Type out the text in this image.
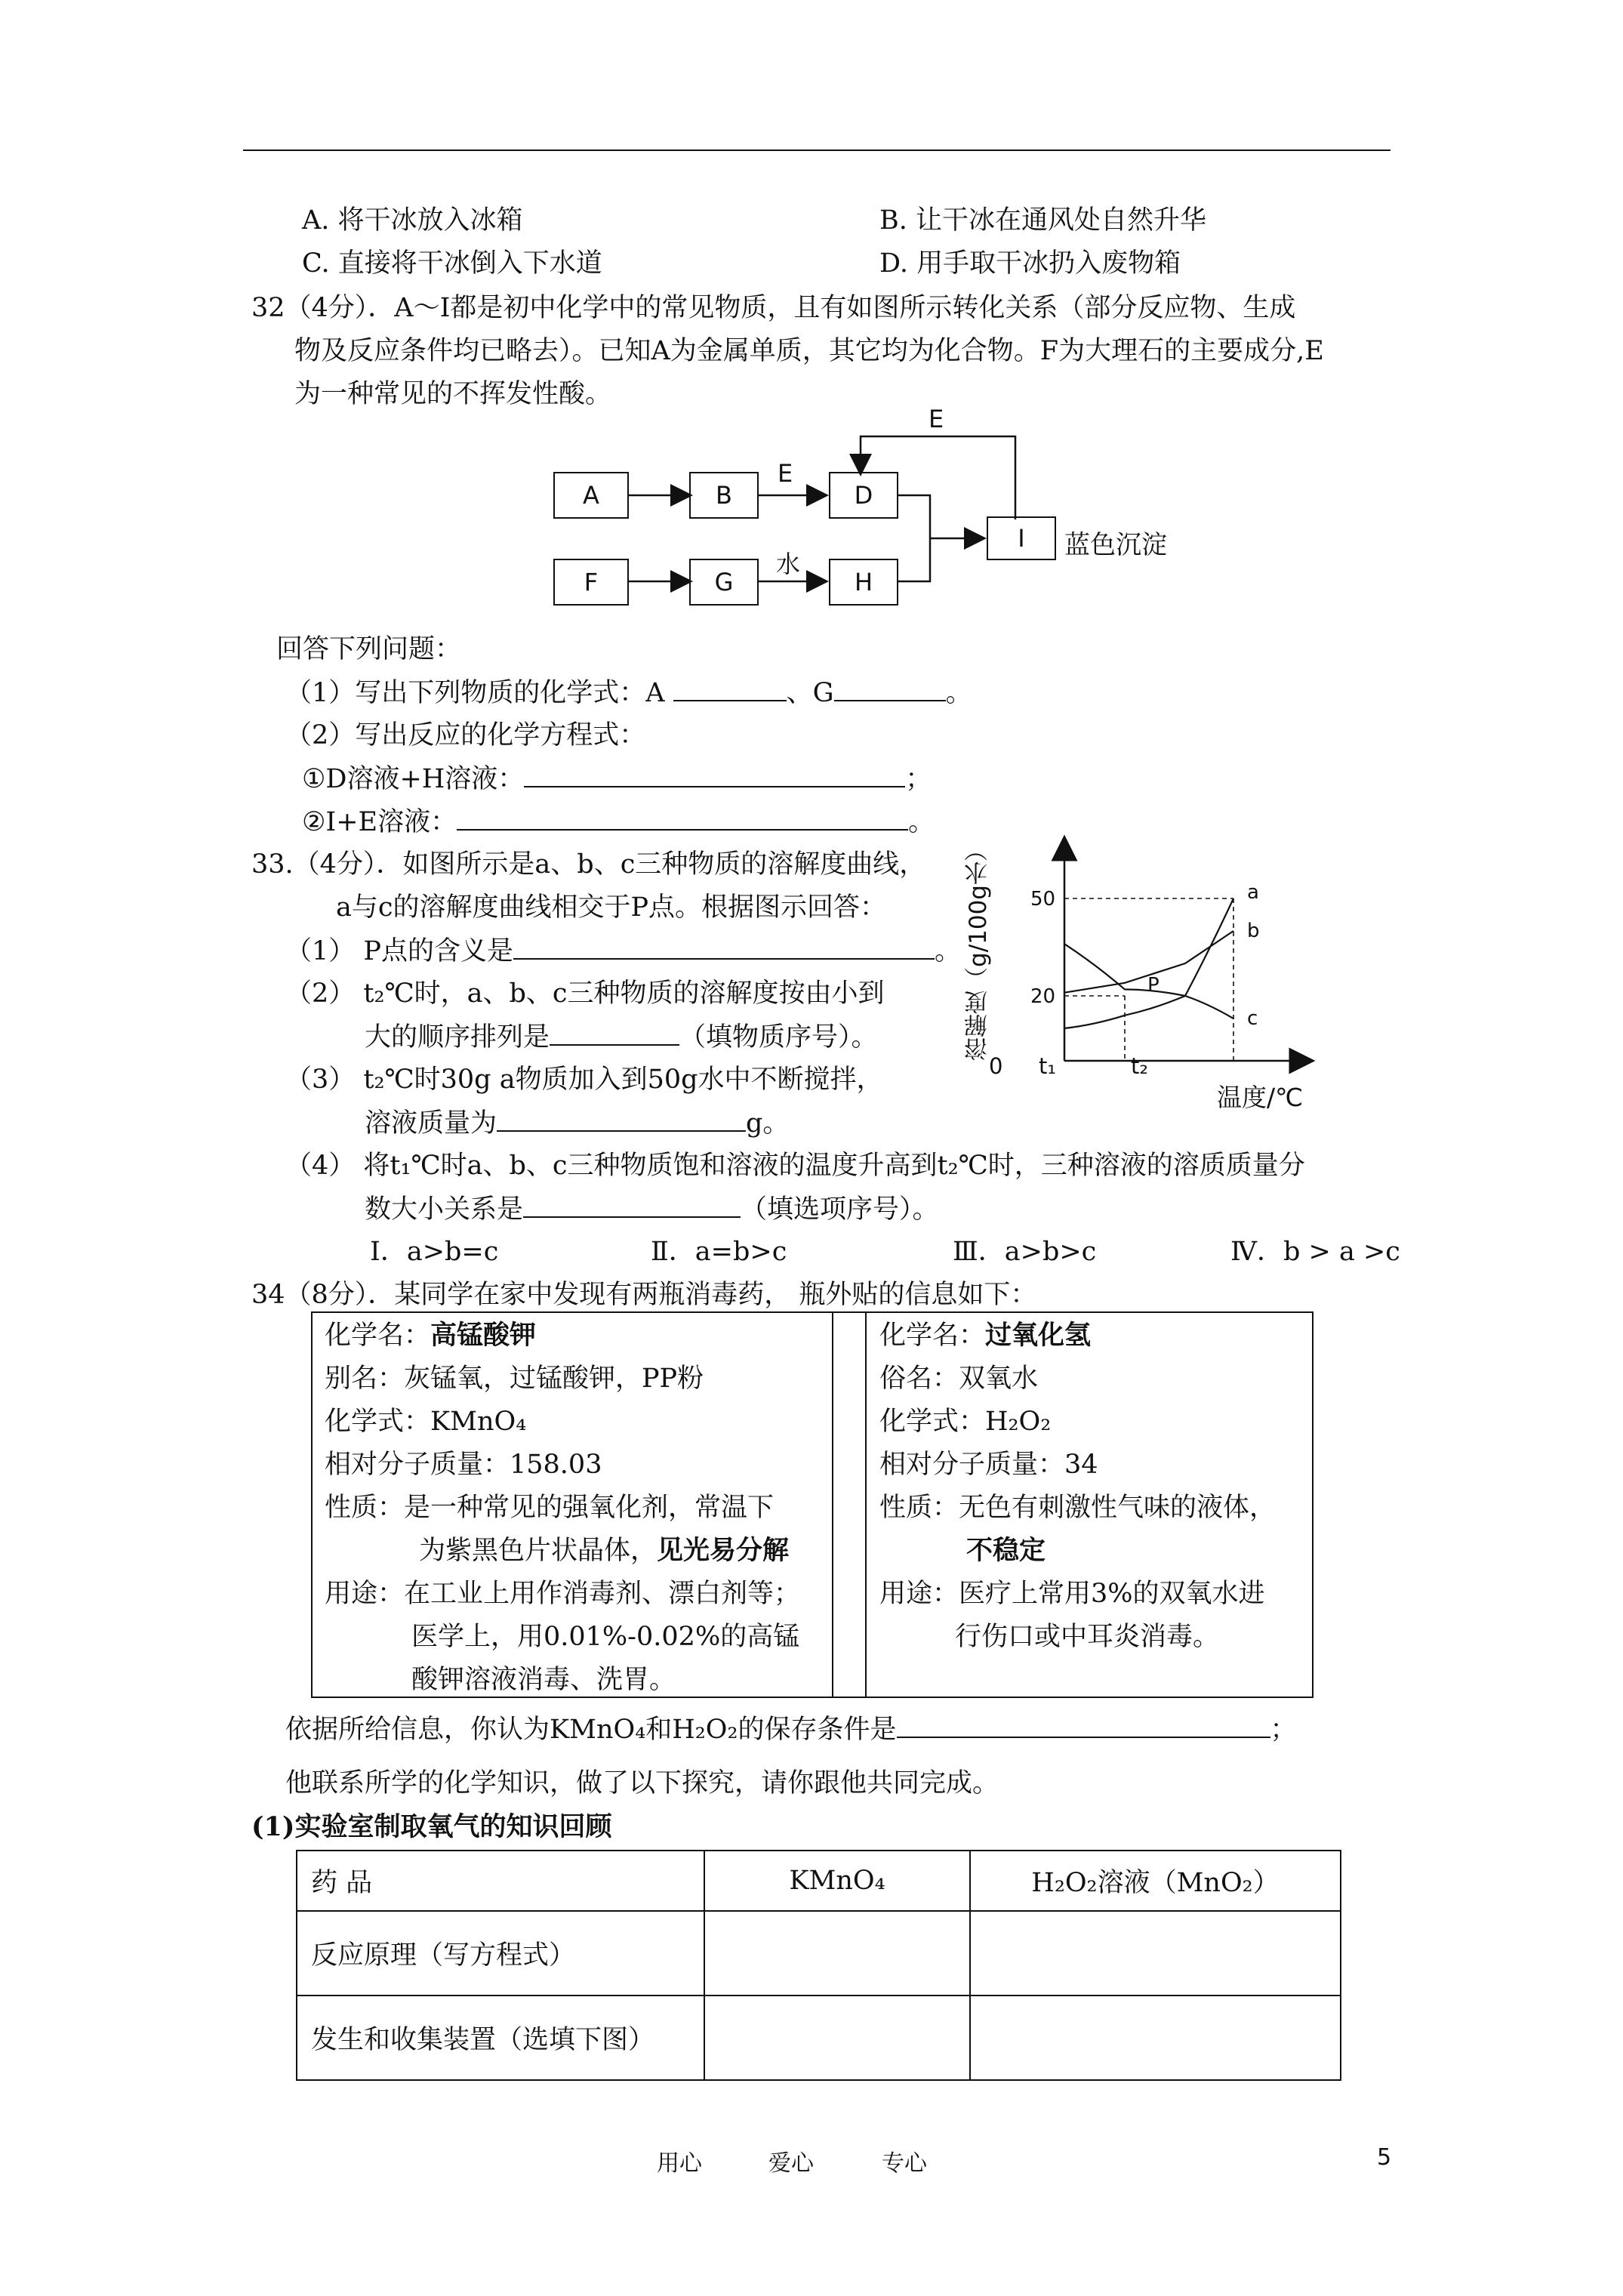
A. 将干冰放入冰箱	B. 让干冰在通风处自然升华
C. 直接将干冰倒入下水道	D. 用手取干冰扔入废物箱
32（4分）．A～I都是初中化学中的常见物质，且有如图所示转化关系（部分反应物、生成
物及反应条件均已略去）。已知A为金属单质，其它均为化合物。F为大理石的主要成分,E
为一种常见的不挥发性酸。
A	B	D
F	G	H
I
E
E
水
蓝色沉淀
回答下列问题：
（1）写出下列物质的化学式：A	、G	。
（2）写出反应的化学方程式：
①D溶液+H溶液：	；
②I+E溶液：	。
33.（4分）．如图所示是a、b、c三种物质的溶解度曲线，
a与c的溶解度曲线相交于P点。根据图示回答：
（1） P点的含义是	。
（2） t₂℃时，a、b、c三种物质的溶解度按由小到
大的顺序排列是	（填物质序号）。
（3） t₂℃时30g a物质加入到50g水中不断搅拌，
溶液质量为	g。
（4） 将t₁℃时a、b、c三种物质饱和溶液的温度升高到t₂℃时，三种溶液的溶质质量分
数大小关系是	（填选项序号）。
Ⅰ．a>b=c	Ⅱ．a=b>c	Ⅲ．a>b>c	Ⅳ．b > a >c
a
b
c
20
50
P
0 t₁	t₂
温度/℃
溶解度（g/100g水）
34（8分）．某同学在家中发现有两瓶消毒药， 瓶外贴的信息如下：
化学名：高锰酸钾
别名：灰锰氧，过锰酸钾，PP粉
化学式：KMnO₄
相对分子质量：158.03
性质：是一种常见的强氧化剂，常温下
为紫黑色片状晶体，见光易分解
用途：在工业上用作消毒剂、漂白剂等；
医学上，用0.01%-0.02%的高锰
酸钾溶液消毒、洗胃。
化学名：过氧化氢
俗名：双氧水
化学式：H₂O₂
相对分子质量：34
性质：无色有刺激性气味的液体，
不稳定
用途：医疗上常用3%的双氧水进
行伤口或中耳炎消毒。
依据所给信息，你认为KMnO₄和H₂O₂的保存条件是	；
他联系所学的化学知识，做了以下探究，请你跟他共同完成。
(1)实验室制取氧气的知识回顾
药 品	KMnO₄	H₂O₂溶液（MnO₂）
反应原理（写方程式）		
发生和收集装置（选填下图）		
用心	爱心	专心	5
